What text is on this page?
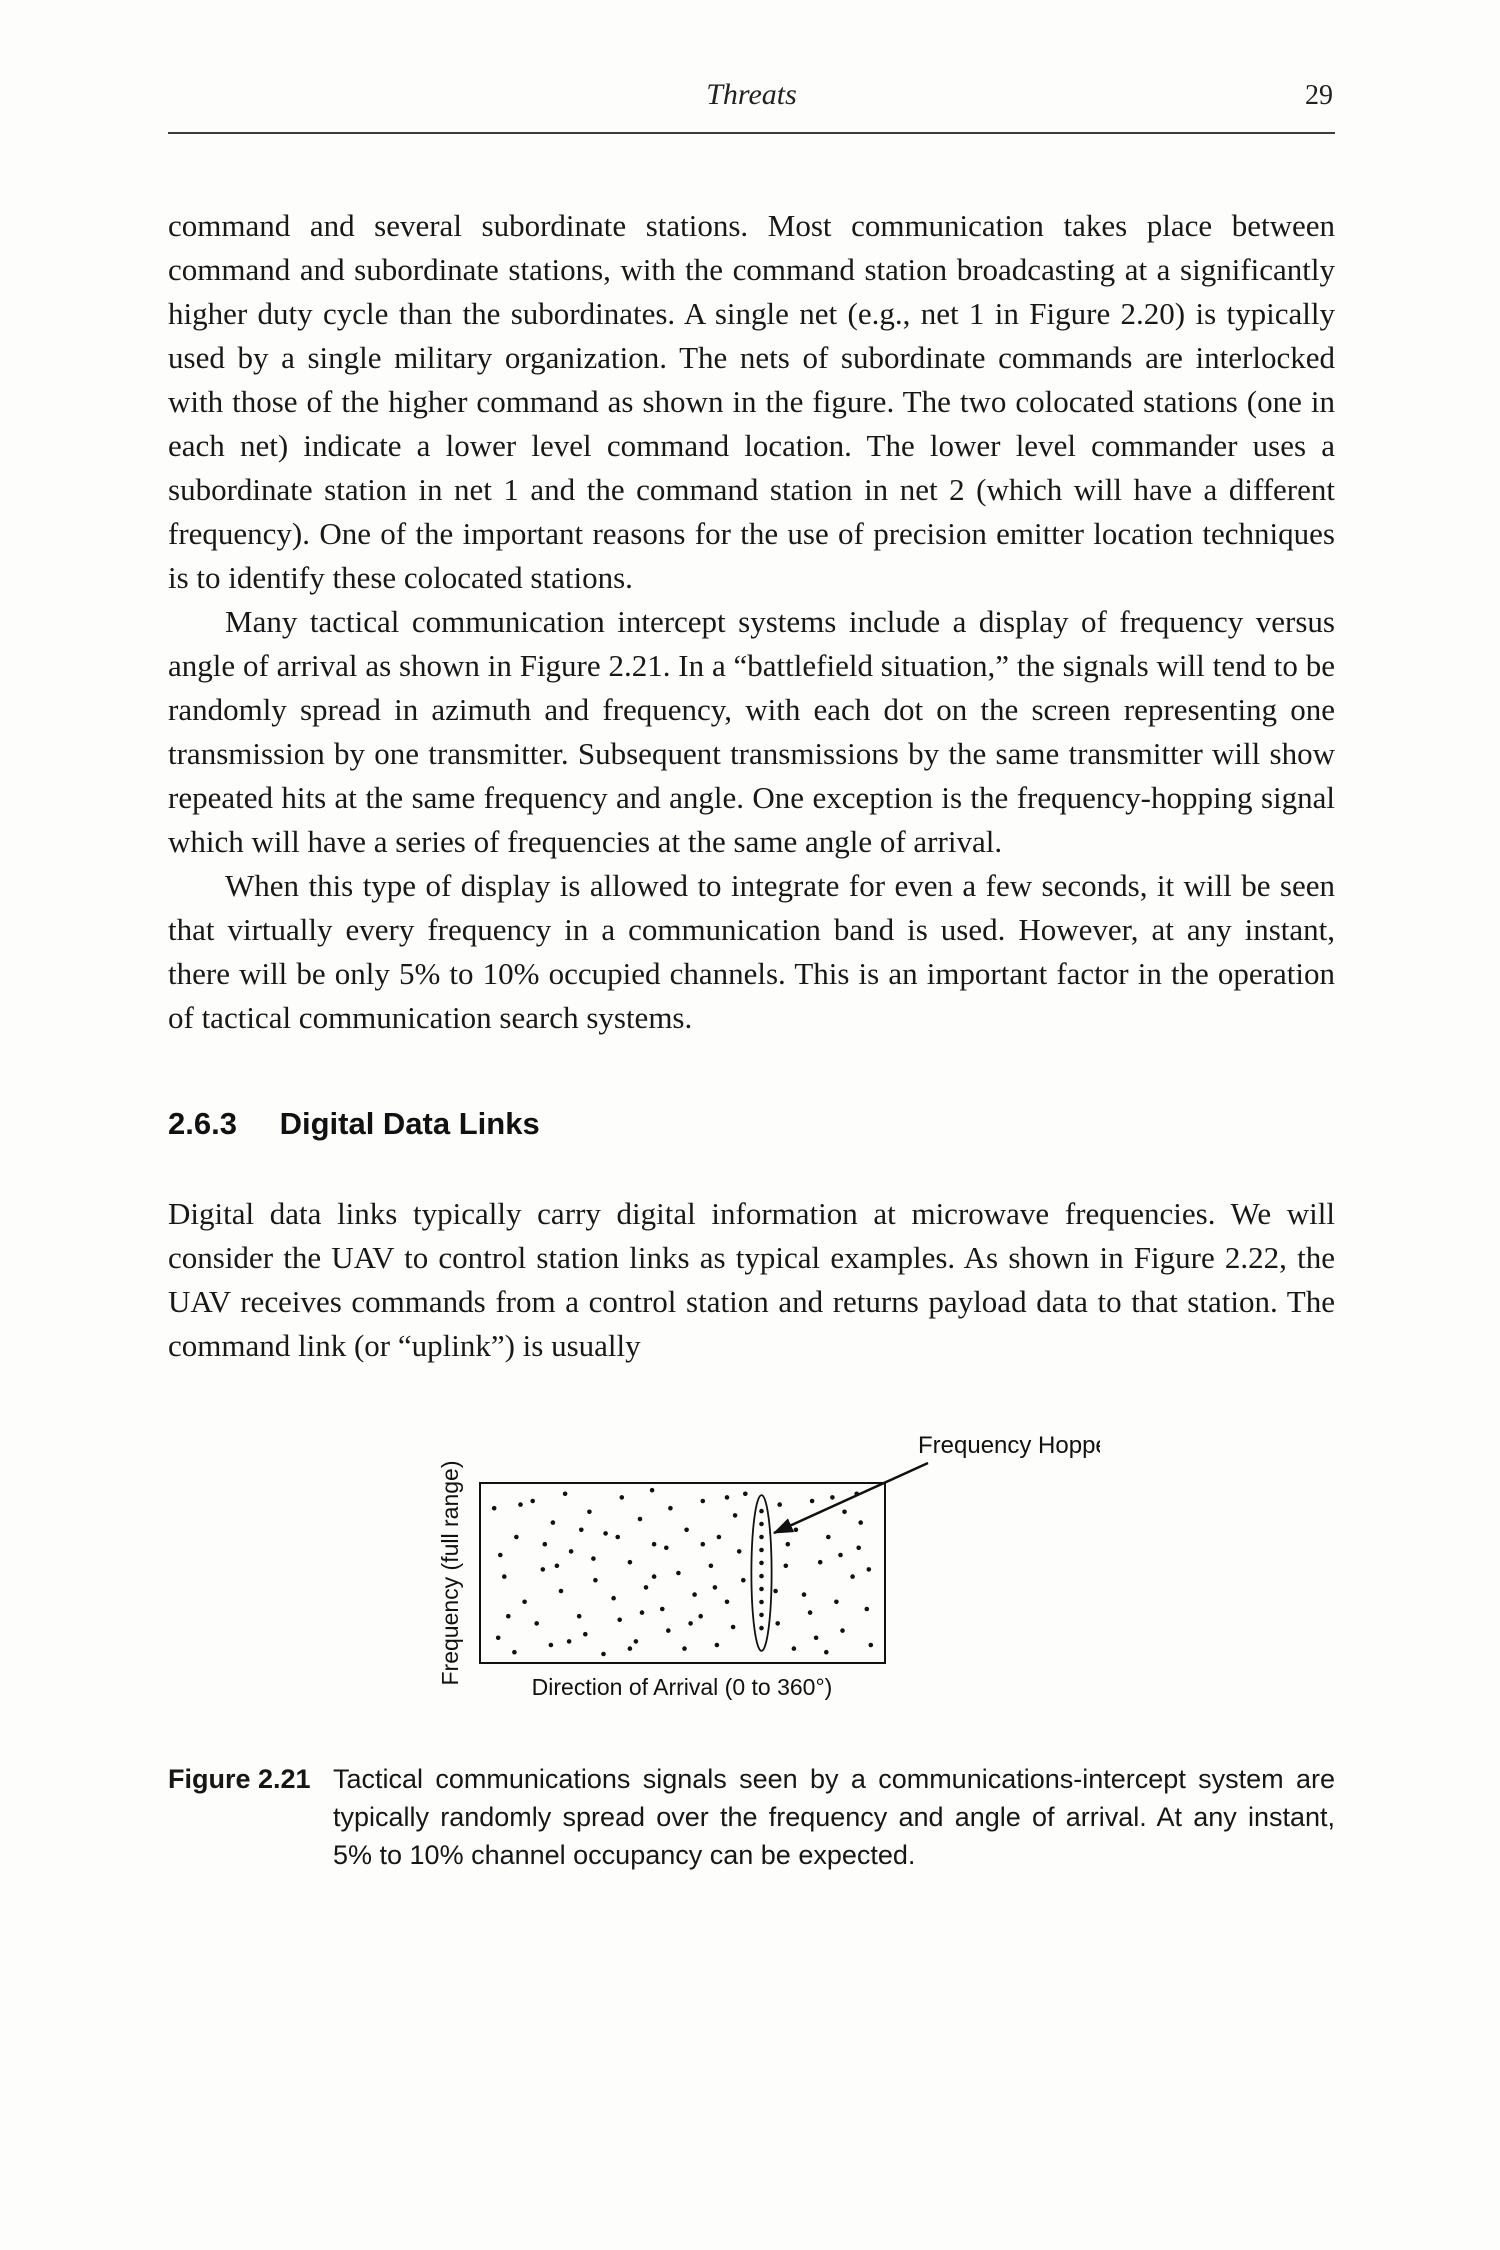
Threats	29

command and several subordinate stations. Most communication takes place between command and subordinate stations, with the command station broadcasting at a significantly higher duty cycle than the subordinates. A single net (e.g., net 1 in Figure 2.20) is typically used by a single military organization. The nets of subordinate commands are interlocked with those of the higher command as shown in the figure. The two colocated stations (one in each net) indicate a lower level command location. The lower level commander uses a subordinate station in net 1 and the command station in net 2 (which will have a different frequency). One of the important reasons for the use of precision emitter location techniques is to identify these colocated stations.

Many tactical communication intercept systems include a display of frequency versus angle of arrival as shown in Figure 2.21. In a “battlefield situation,” the signals will tend to be randomly spread in azimuth and frequency, with each dot on the screen representing one transmission by one transmitter. Subsequent transmissions by the same transmitter will show repeated hits at the same frequency and angle. One exception is the frequency-hopping signal which will have a series of frequencies at the same angle of arrival.

When this type of display is allowed to integrate for even a few seconds, it will be seen that virtually every frequency in a communication band is used. However, at any instant, there will be only 5% to 10% occupied channels. This is an important factor in the operation of tactical communication search systems.

2.6.3 Digital Data Links

Digital data links typically carry digital information at microwave frequencies. We will consider the UAV to control station links as typical examples. As shown in Figure 2.22, the UAV receives commands from a control station and returns payload data to that station. The command link (or “uplink”) is usually

Frequency Hopper
Frequency (full range)
Direction of Arrival (0 to 360°)
Figure 2.21 Tactical communications signals seen by a communications-intercept system are typically randomly spread over the frequency and angle of arrival. At any instant, 5% to 10% channel occupancy can be expected.
